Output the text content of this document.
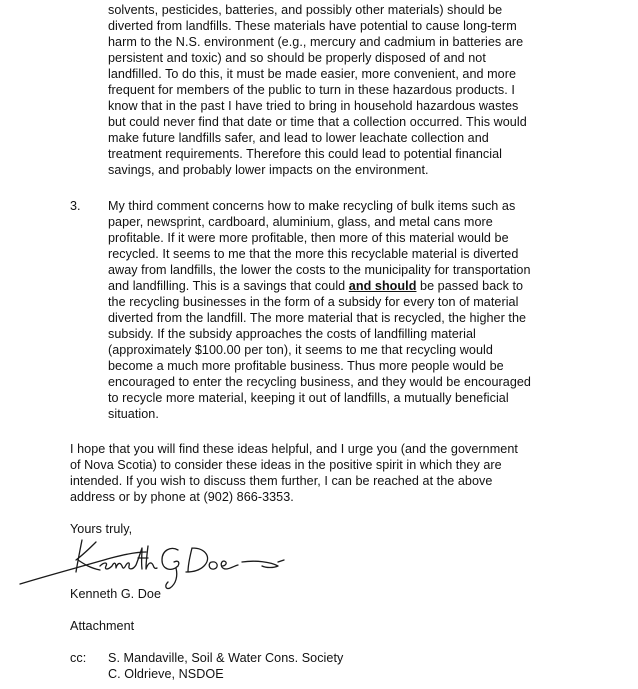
solvents, pesticides, batteries, and possibly other materials) should be
diverted from landfills. These materials have potential to cause long-term
harm to the N.S. environment (e.g., mercury and cadmium in batteries are
persistent and toxic) and so should be properly disposed of and not
landfilled. To do this, it must be made easier, more convenient, and more
frequent for members of the public to turn in these hazardous products. I
know that in the past I have tried to bring in household hazardous wastes
but could never find that date or time that a collection occurred. This would
make future landfills safer, and lead to lower leachate collection and
treatment requirements. Therefore this could lead to potential financial
savings, and probably lower impacts on the environment.
3. My third comment concerns how to make recycling of bulk items such as
paper, newsprint, cardboard, aluminium, glass, and metal cans more
profitable. If it were more profitable, then more of this material would be
recycled. It seems to me that the more this recyclable material is diverted
away from landfills, the lower the costs to the municipality for transportation
and landfilling. This is a savings that could and should be passed back to
the recycling businesses in the form of a subsidy for every ton of material
diverted from the landfill. The more material that is recycled, the higher the
subsidy. If the subsidy approaches the costs of landfilling material
(approximately $100.00 per ton), it seems to me that recycling would
become a much more profitable business. Thus more people would be
encouraged to enter the recycling business, and they would be encouraged
to recycle more material, keeping it out of landfills, a mutually beneficial
situation.
I hope that you will find these ideas helpful, and I urge you (and the government
of Nova Scotia) to consider these ideas in the positive spirit in which they are
intended. If you wish to discuss them further, I can be reached at the above
address or by phone at (902) 866-3353.
Yours truly,
Kenneth G. Doe
Attachment
cc: S. Mandaville, Soil & Water Cons. Society
C. Oldrieve, NSDOE
